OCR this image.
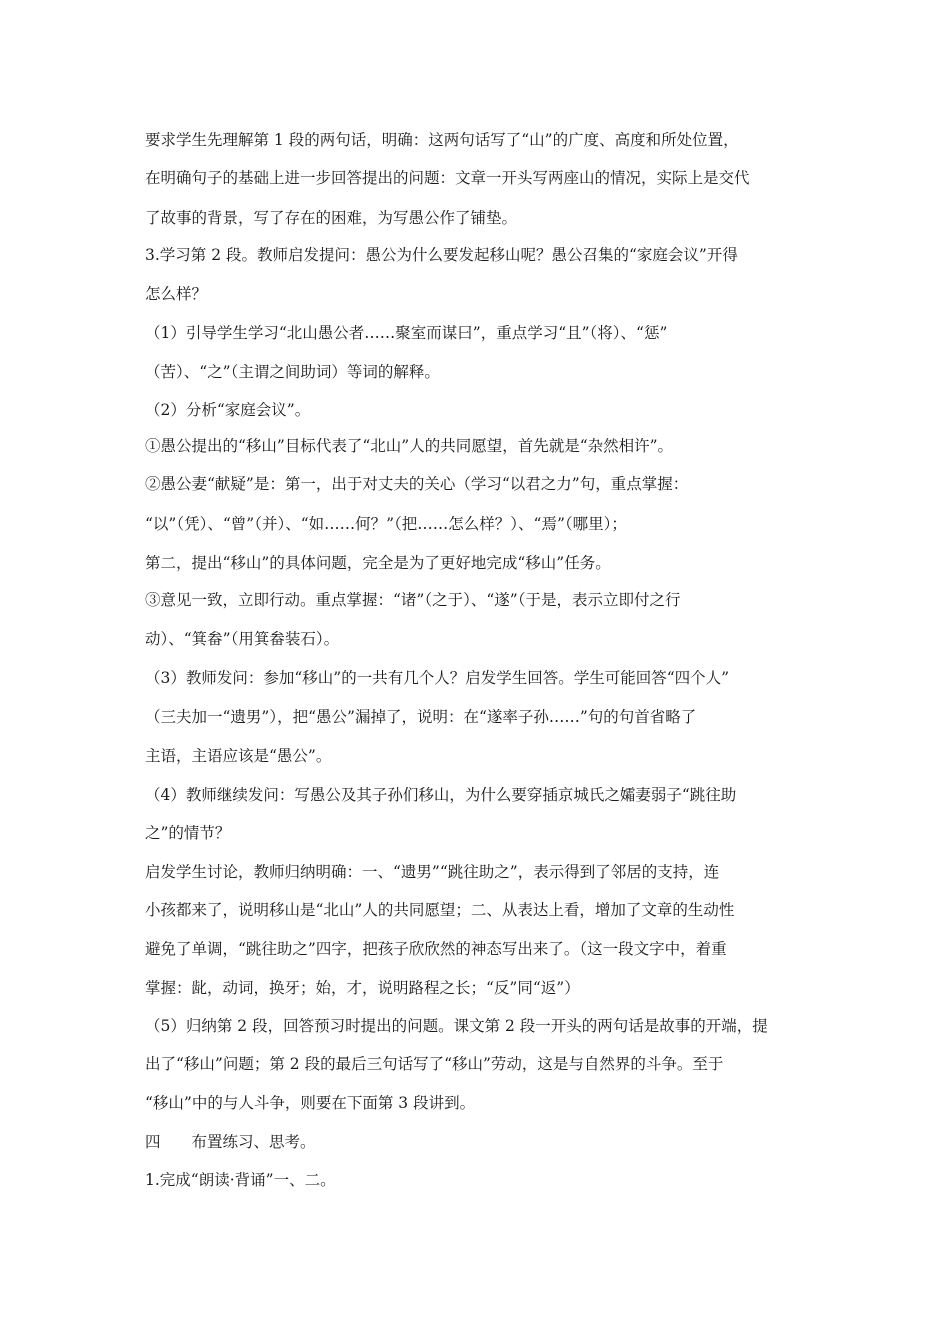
要求学生先理解第 1 段的两句话，明确：这两句话写了“山”的广度、高度和所处位置，
在明确句子的基础上进一步回答提出的问题：文章一开头写两座山的情况，实际上是交代
了故事的背景，写了存在的困难，为写愚公作了铺垫。
3.学习第 2 段。教师启发提问：愚公为什么要发起移山呢？愚公召集的“家庭会议”开得
怎么样？
（1）引导学生学习“北山愚公者……聚室而谋曰”，重点学习“且”（将）、“惩”
（苦）、“之”（主谓之间助词）等词的解释。
（2）分析“家庭会议”。
①愚公提出的“移山”目标代表了“北山”人的共同愿望，首先就是“杂然相许”。
②愚公妻“献疑”是：第一，出于对丈夫的关心（学习“以君之力”句，重点掌握：
“以”（凭）、“曾”（并）、“如……何？”（把……怎么样？）、“焉”（哪里）；
第二，提出“移山”的具体问题，完全是为了更好地完成“移山”任务。
③意见一致，立即行动。重点掌握：“诸”（之于）、“遂”（于是，表示立即付之行
动）、“箕畚”（用箕畚装石）。
（3）教师发问：参加“移山”的一共有几个人？启发学生回答。学生可能回答“四个人”
（三夫加一“遗男”），把“愚公”漏掉了，说明：在“遂率子孙……”句的句首省略了
主语，主语应该是“愚公”。
（4）教师继续发问：写愚公及其子孙们移山，为什么要穿插京城氏之孀妻弱子“跳往助
之”的情节？
启发学生讨论，教师归纳明确：一、“遗男”“跳往助之”，表示得到了邻居的支持，连
小孩都来了，说明移山是“北山”人的共同愿望；二、从表达上看，增加了文章的生动性
避免了单调，“跳往助之”四字，把孩子欣欣然的神态写出来了。（这一段文字中，着重
掌握：龀，动词，换牙；始，才，说明路程之长；“反”同“返”）
（5）归纳第 2 段，回答预习时提出的问题。课文第 2 段一开头的两句话是故事的开端，提
出了“移山”问题；第 2 段的最后三句话写了“移山”劳动，这是与自然界的斗争。至于
“移山”中的与人斗争，则要在下面第 3 段讲到。
四　　布置练习、思考。
1.完成“朗读·背诵”一、二。
